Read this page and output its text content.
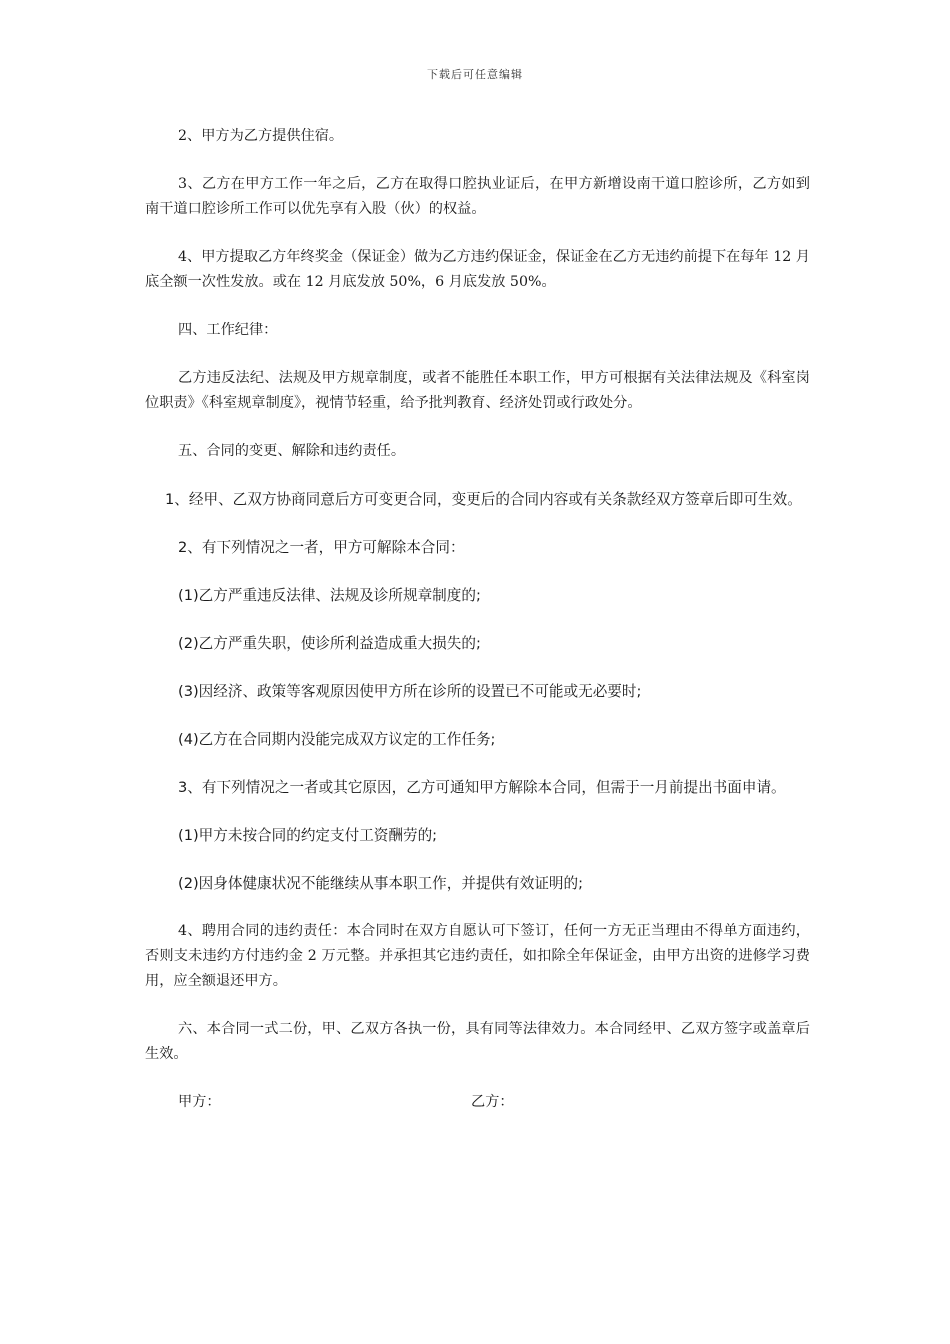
下载后可任意编辑

2、甲方为乙方提供住宿。

3、乙方在甲方工作一年之后，乙方在取得口腔执业证后，在甲方新增设南干道口腔诊所，乙方如到南干道口腔诊所工作可以优先享有入股（伙）的权益。

4、甲方提取乙方年终奖金（保证金）做为乙方违约保证金，保证金在乙方无违约前提下在每年 12 月底全额一次性发放。或在 12 月底发放 50%，6 月底发放 50%。

四、工作纪律：

乙方违反法纪、法规及甲方规章制度，或者不能胜任本职工作，甲方可根据有关法律法规及《科室岗位职责》《科室规章制度》，视情节轻重，给予批判教育、经济处罚或行政处分。

五、合同的变更、解除和违约责任。

1、经甲、乙双方协商同意后方可变更合同，变更后的合同内容或有关条款经双方签章后即可生效。

2、有下列情况之一者，甲方可解除本合同：

(1)乙方严重违反法律、法规及诊所规章制度的;

(2)乙方严重失职，使诊所利益造成重大损失的;

(3)因经济、政策等客观原因使甲方所在诊所的设置已不可能或无必要时;

(4)乙方在合同期内没能完成双方议定的工作任务;

3、有下列情况之一者或其它原因，乙方可通知甲方解除本合同，但需于一月前提出书面申请。

(1)甲方未按合同的约定支付工资酬劳的;

(2)因身体健康状况不能继续从事本职工作，并提供有效证明的;

4、聘用合同的违约责任：本合同时在双方自愿认可下签订，任何一方无正当理由不得单方面违约，否则支未违约方付违约金 2 万元整。并承担其它违约责任，如扣除全年保证金，由甲方出资的进修学习费用，应全额退还甲方。

六、本合同一式二份，甲、乙双方各执一份，具有同等法律效力。本合同经甲、乙双方签字或盖章后生效。

甲方：	乙方：
